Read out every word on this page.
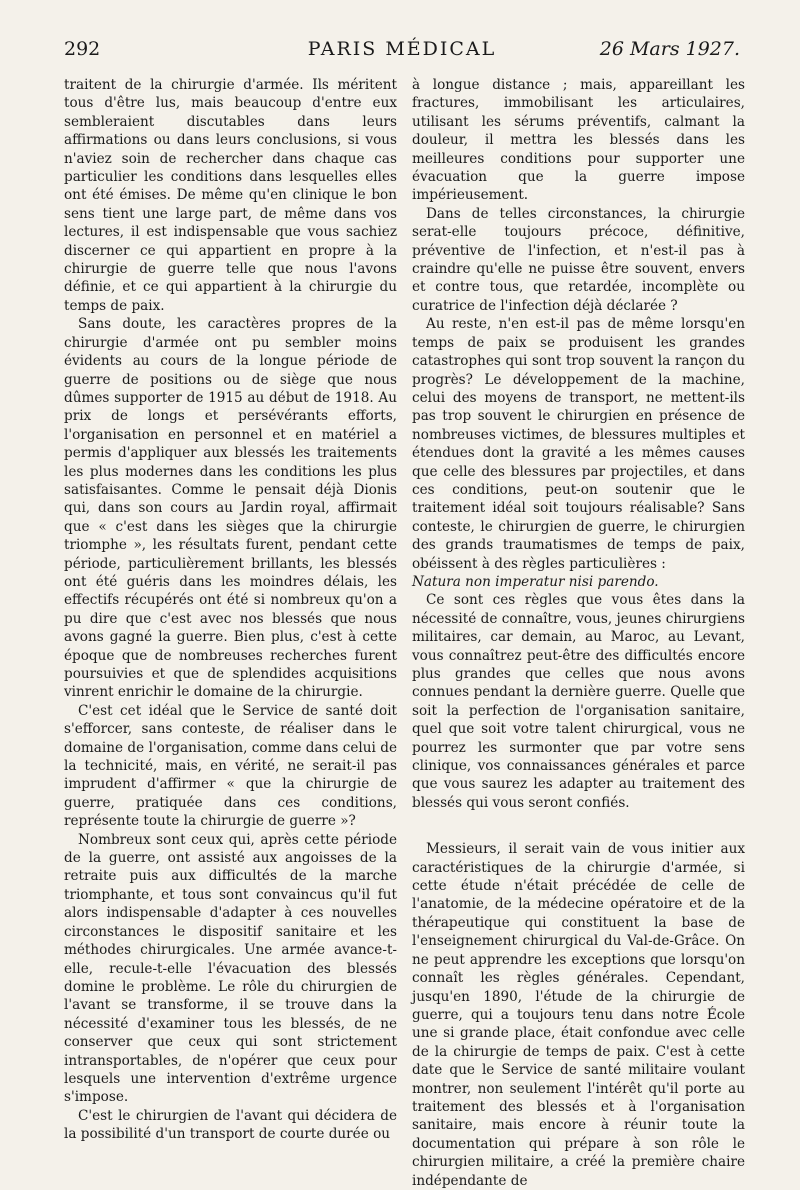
292	PARIS MÉDICAL	26 Mars 1927.

traitent de la chirurgie d'armée. Ils méritent tous d'être lus, mais beaucoup d'entre eux sembleraient discutables dans leurs affirmations ou dans leurs conclusions, si vous n'aviez soin de rechercher dans chaque cas particulier les conditions dans lesquelles elles ont été émises. De même qu'en clinique le bon sens tient une large part, de même dans vos lectures, il est indispensable que vous sachiez discerner ce qui appartient en propre à la chirurgie de guerre telle que nous l'avons définie, et ce qui appartient à la chirurgie du temps de paix.

Sans doute, les caractères propres de la chirurgie d'armée ont pu sembler moins évidents au cours de la longue période de guerre de positions ou de siège que nous dûmes supporter de 1915 au début de 1918. Au prix de longs et persévérants efforts, l'organisation en personnel et en matériel a permis d'appliquer aux blessés les traitements les plus modernes dans les conditions les plus satisfaisantes. Comme le pensait déjà Dionis qui, dans son cours au Jardin royal, affirmait que « c'est dans les sièges que la chirurgie triomphe », les résultats furent, pendant cette période, particulièrement brillants, les blessés ont été guéris dans les moindres délais, les effectifs récupérés ont été si nombreux qu'on a pu dire que c'est avec nos blessés que nous avons gagné la guerre. Bien plus, c'est à cette époque que de nombreuses recherches furent poursuivies et que de splendides acquisitions vinrent enrichir le domaine de la chirurgie.

C'est cet idéal que le Service de santé doit s'efforcer, sans conteste, de réaliser dans le domaine de l'organisation, comme dans celui de la technicité, mais, en vérité, ne serait-il pas imprudent d'affirmer « que la chirurgie de guerre, pratiquée dans ces conditions, représente toute la chirurgie de guerre »?

Nombreux sont ceux qui, après cette période de la guerre, ont assisté aux angoisses de la retraite puis aux difficultés de la marche triomphante, et tous sont convaincus qu'il fut alors indispensable d'adapter à ces nouvelles circonstances le dispositif sanitaire et les méthodes chirurgicales. Une armée avance-t-elle, recule-t-elle l'évacuation des blessés domine le problème. Le rôle du chirurgien de l'avant se transforme, il se trouve dans la nécessité d'examiner tous les blessés, de ne conserver que ceux qui sont strictement intransportables, de n'opérer que ceux pour lesquels une intervention d'extrême urgence s'impose.

C'est le chirurgien de l'avant qui décidera de la possibilité d'un transport de courte durée ou

à longue distance ; mais, appareillant les fractures, immobilisant les articulaires, utilisant les sérums préventifs, calmant la douleur, il mettra les blessés dans les meilleures conditions pour supporter une évacuation que la guerre impose impérieusement.

Dans de telles circonstances, la chirurgie serat-elle toujours précoce, définitive, préventive de l'infection, et n'est-il pas à craindre qu'elle ne puisse être souvent, envers et contre tous, que retardée, incomplète ou curatrice de l'infection déjà déclarée ?

Au reste, n'en est-il pas de même lorsqu'en temps de paix se produisent les grandes catastrophes qui sont trop souvent la rançon du progrès? Le développement de la machine, celui des moyens de transport, ne mettent-ils pas trop souvent le chirurgien en présence de nombreuses victimes, de blessures multiples et étendues dont la gravité a les mêmes causes que celle des blessures par projectiles, et dans ces conditions, peut-on soutenir que le traitement idéal soit toujours réalisable? Sans conteste, le chirurgien de guerre, le chirurgien des grands traumatismes de temps de paix, obéissent à des règles particulières :

Natura non imperatur nisi parendo.

Ce sont ces règles que vous êtes dans la nécessité de connaître, vous, jeunes chirurgiens militaires, car demain, au Maroc, au Levant, vous connaîtrez peut-être des difficultés encore plus grandes que celles que nous avons connues pendant la dernière guerre. Quelle que soit la perfection de l'organisation sanitaire, quel que soit votre talent chirurgical, vous ne pourrez les surmonter que par votre sens clinique, vos connaissances générales et parce que vous saurez les adapter au traitement des blessés qui vous seront confiés.

Messieurs, il serait vain de vous initier aux caractéristiques de la chirurgie d'armée, si cette étude n'était précédée de celle de l'anatomie, de la médecine opératoire et de la thérapeutique qui constituent la base de l'enseignement chirurgical du Val-de-Grâce. On ne peut apprendre les exceptions que lorsqu'on connaît les règles générales. Cependant, jusqu'en 1890, l'étude de la chirurgie de guerre, qui a toujours tenu dans notre École une si grande place, était confondue avec celle de la chirurgie de temps de paix. C'est à cette date que le Service de santé militaire voulant montrer, non seulement l'intérêt qu'il porte au traitement des blessés et à l'organisation sanitaire, mais encore à réunir toute la documentation qui prépare à son rôle le chirurgien militaire, a créé la première chaire indépendante de
